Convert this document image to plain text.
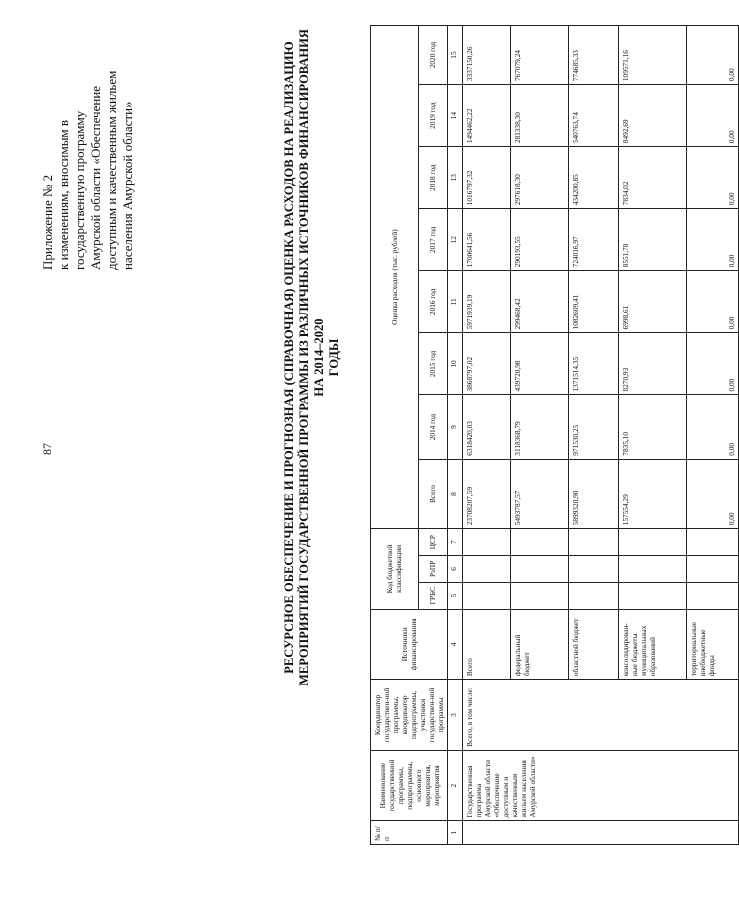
87
Приложение № 2 к изменениям, вносимым в государственную программу Амурской области «Обеспечение доступным и качественным жильем населения Амурской области»	РЕСУРСНОЕ ОБЕСПЕЧЕНИЕ И ПРОГНОЗНАЯ (СПРАВОЧНАЯ) ОЦЕНКА РАСХОДОВ НА РЕАЛИЗАЦИЮ МЕРОПРИЯТИЙ ГОСУДАРСТВЕННОЙ ПРОГРАММЫ ИЗ РАЗЛИЧНЫХ ИСТОЧНИКОВ ФИНАНСИРОВАНИЯ НА 2014–2020 ГОДЫ
№ п/п	Наименование государственной программы, подпрограммы, основного мероприятия, мероприятия	Координатор государствен-ной программы, координатор подпрограммы, участники государствен-ной программы	Источники финансирования	Код бюджетной классификации			Оценка расходов (тыс. рублей)							
				ГРБС	РзПР	ЦСР	Всего	2014 год	2015 год	2016 год	2017 год	2018 год	2019 год	2020 год
1	2	3	4	5	6	7	8	9	10	11	12	13	14	15
	Государственная программа Амурской области «Обеспечение доступным и качественным жильем населения Амурской области»	Всего, в том числе:	Всего				23708207,59	6318420,03	3868797,02	5971939,19	1700641,56	1016797,32	1494462,22	3337150,26
			федеральный бюджет				5493787,57	3118368,79	439720,98	299468,42	290193,55	297618,30	281338,30	767079,24
			областной бюджет				5899320,90	971530,25	1371514,35	1082609,41	724016,97	434200,85	540763,74	774685,33
			консолидирован-ные бюджеты муниципальных образований				157554,29	7835,10	8270,93	6998,61	8551,78	7834,02	8492,69	109571,16
			территориальные внебюджетные фонды				0,00	0,00	0,00	0,00	0,00	0,00	0,00	0,00
